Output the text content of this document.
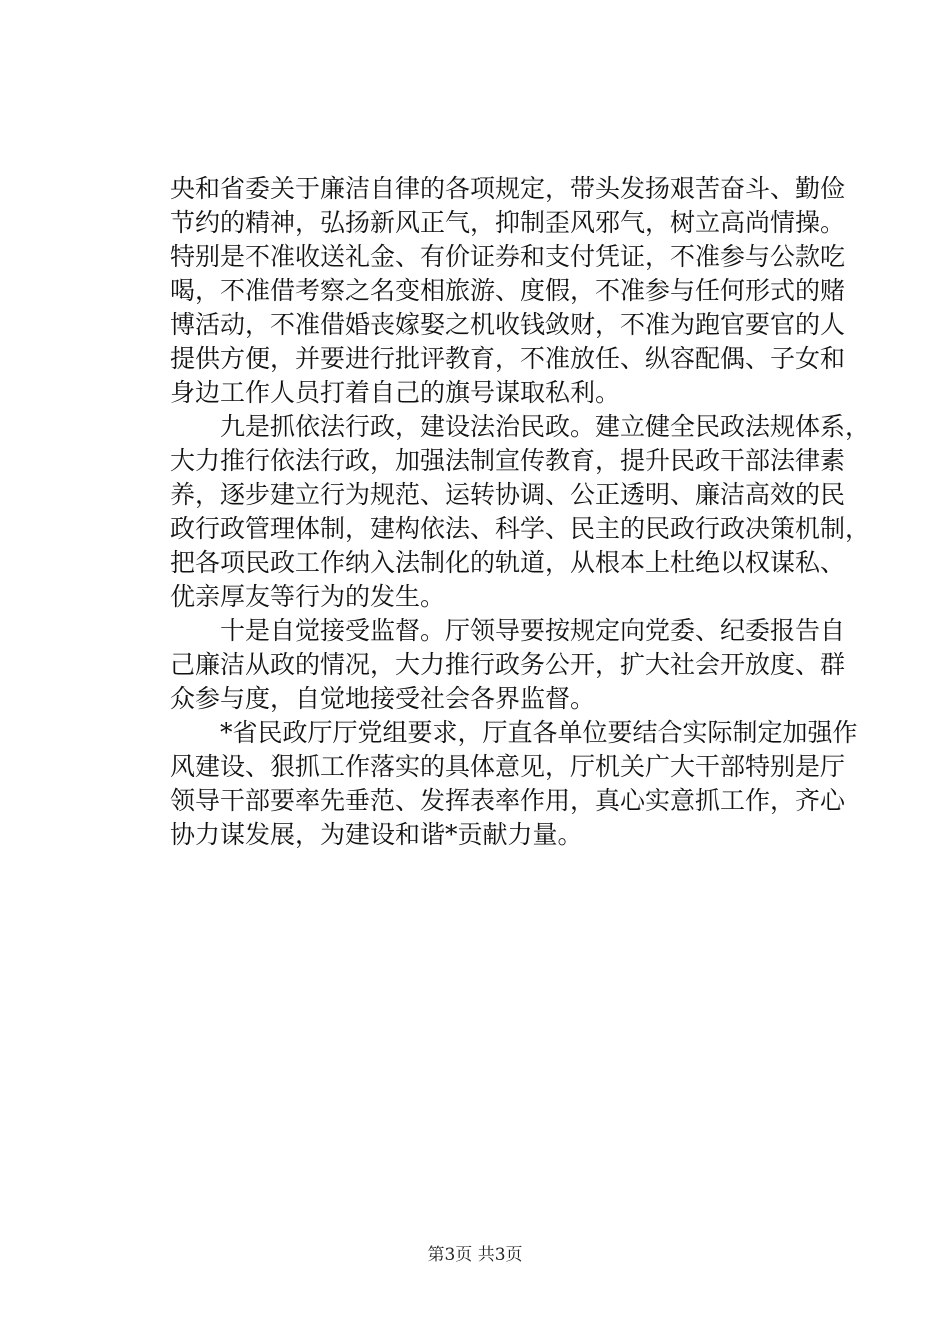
央和省委关于廉洁自律的各项规定，带头发扬艰苦奋斗、勤俭
节约的精神，弘扬新风正气，抑制歪风邪气，树立高尚情操。
特别是不准收送礼金、有价证券和支付凭证，不准参与公款吃
喝，不准借考察之名变相旅游、度假，不准参与任何形式的赌
博活动，不准借婚丧嫁娶之机收钱敛财，不准为跑官要官的人
提供方便，并要进行批评教育，不准放任、纵容配偶、子女和
身边工作人员打着自己的旗号谋取私利。
　　九是抓依法行政，建设法治民政。建立健全民政法规体系，
大力推行依法行政，加强法制宣传教育，提升民政干部法律素
养，逐步建立行为规范、运转协调、公正透明、廉洁高效的民
政行政管理体制，建构依法、科学、民主的民政行政决策机制，
把各项民政工作纳入法制化的轨道，从根本上杜绝以权谋私、
优亲厚友等行为的发生。
　　十是自觉接受监督。厅领导要按规定向党委、纪委报告自
己廉洁从政的情况，大力推行政务公开，扩大社会开放度、群
众参与度，自觉地接受社会各界监督。
　　*省民政厅厅党组要求，厅直各单位要结合实际制定加强作
风建设、狠抓工作落实的具体意见，厅机关广大干部特别是厅
领导干部要率先垂范、发挥表率作用，真心实意抓工作，齐心
协力谋发展，为建设和谐*贡献力量。
第3页 共3页
